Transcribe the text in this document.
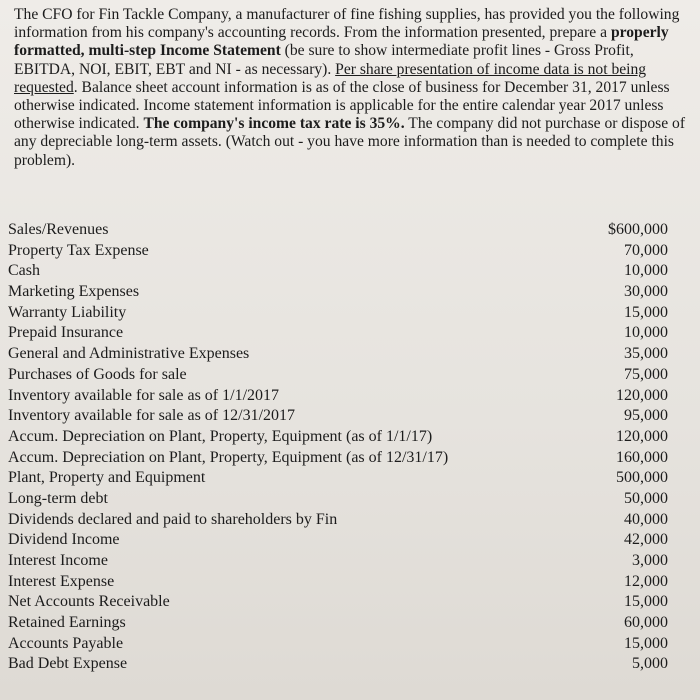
The CFO for Fin Tackle Company, a manufacturer of fine fishing supplies, has provided you the following information from his company's accounting records. From the information presented, prepare a properly formatted, multi-step Income Statement (be sure to show intermediate profit lines - Gross Profit, EBITDA, NOI, EBIT, EBT and NI - as necessary). Per share presentation of income data is not being requested. Balance sheet account information is as of the close of business for December 31, 2017 unless otherwise indicated. Income statement information is applicable for the entire calendar year 2017 unless otherwise indicated. The company's income tax rate is 35%. The company did not purchase or dispose of any depreciable long-term assets. (Watch out - you have more information than is needed to complete this problem).

Sales/Revenues	$600,000
Property Tax Expense	70,000
Cash	10,000
Marketing Expenses	30,000
Warranty Liability	15,000
Prepaid Insurance	10,000
General and Administrative Expenses	35,000
Purchases of Goods for sale	75,000
Inventory available for sale as of 1/1/2017	120,000
Inventory available for sale as of 12/31/2017	95,000
Accum. Depreciation on Plant, Property, Equipment (as of 1/1/17)	120,000
Accum. Depreciation on Plant, Property, Equipment (as of 12/31/17)	160,000
Plant, Property and Equipment	500,000
Long-term debt	50,000
Dividends declared and paid to shareholders by Fin	40,000
Dividend Income	42,000
Interest Income	3,000
Interest Expense	12,000
Net Accounts Receivable	15,000
Retained Earnings	60,000
Accounts Payable	15,000
Bad Debt Expense	5,000
